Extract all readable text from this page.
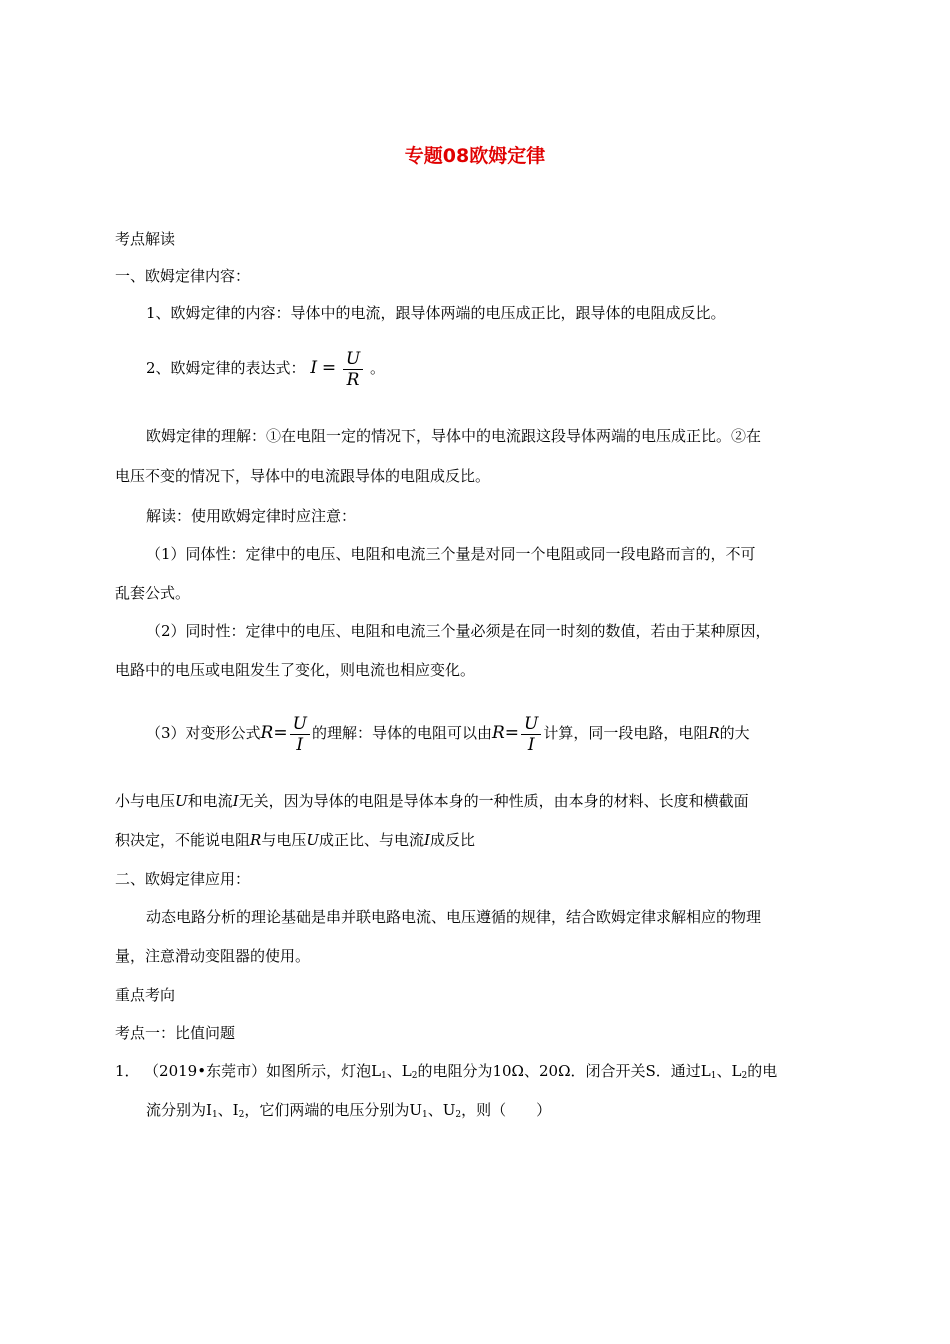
专题08欧姆定律
考点解读
一、欧姆定律内容：
1、欧姆定律的内容：导体中的电流，跟导体两端的电压成正比，跟导体的电阻成反比。
2、欧姆定律的表达式： $I = \frac{U}{R}$ 。
欧姆定律的理解：①在电阻一定的情况下，导体中的电流跟这段导体两端的电压成正比。②在
电压不变的情况下，导体中的电流跟导体的电阻成反比。
解读：使用欧姆定律时应注意：
（1）同体性：定律中的电压、电阻和电流三个量是对同一个电阻或同一段电路而言的，不可
乱套公式。
（2）同时性：定律中的电压、电阻和电流三个量必须是在同一时刻的数值，若由于某种原因，
电路中的电压或电阻发生了变化，则电流也相应变化。
（3）对变形公式$R= \frac{U}{I}$ 的理解：导体的电阻可以由$R= \frac{U}{I}$ 计算，同一段电路，电阻R的大
小与电压U和电流I无关，因为导体的电阻是导体本身的一种性质，由本身的材料、长度和横截面
积决定，不能说电阻R与电压U成正比、与电流I成反比
二、欧姆定律应用：
动态电路分析的理论基础是串并联电路电流、电压遵循的规律，结合欧姆定律求解相应的物理
量，注意滑动变阻器的使用。
重点考向
考点一：比值问题
1． （2019•东莞市）如图所示，灯泡$L_1$、$L_2$的电阻分为10Ω、20Ω．闭合开关S．通过$L_1$、$L_2$的电
流分别为$I_1$、$I_2$，它们两端的电压分别为$U_1$、$U_2$，则（　　）
